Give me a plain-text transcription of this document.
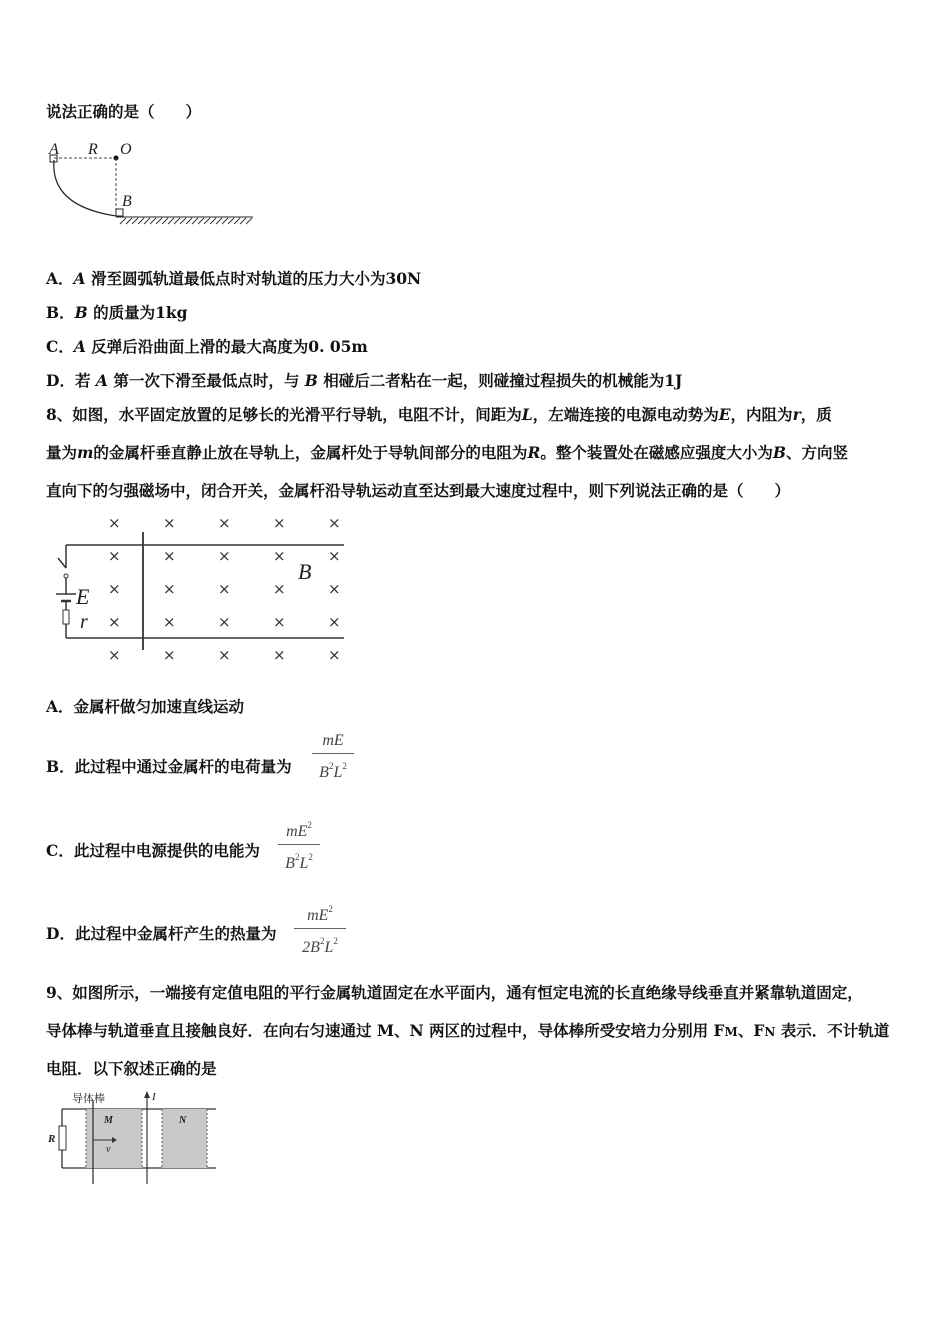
说法正确的是（　　）
A R O
B
A．A 滑至圆弧轨道最低点时对轨道的压力大小为30N
B．B 的质量为1kg
C．A 反弹后沿曲面上滑的最大高度为0. 05m
D．若 A 第一次下滑至最低点时，与 B 相碰后二者粘在一起，则碰撞过程损失的机械能为1J
8、如图，水平固定放置的足够长的光滑平行导轨，电阻不计，间距为L，左端连接的电源电动势为E，内阻为r，质
量为m的金属杆垂直静止放在导轨上，金属杆处于导轨间部分的电阻为R。整个装置处在磁感应强度大小为B、方向竖
直向下的匀强磁场中，闭合开关，金属杆沿导轨运动直至达到最大速度过程中，则下列说法正确的是（　　）
×	×	×	×	×
×	×	×	×	×
×	×	×	×	×
×	×	×	×	×
×	×	×	×	×
E
r
B
A．金属杆做匀加速直线运动
B．此过程中通过金属杆的电荷量为
mE
$B^2L^2$
C．此过程中电源提供的电能为
$mE^2$
$B^2L^2$
D．此过程中金属杆产生的热量为
$mE^2$
$2B^2L^2$
9、如图所示，一端接有定值电阻的平行金属轨道固定在水平面内，通有恒定电流的长直绝缘导线垂直并紧靠轨道固定，
导体棒与轨道垂直且接触良好．在向右匀速通过 M、N 两区的过程中，导体棒所受安培力分别用 FM、FN 表示．不计轨道
电阻．以下叙述正确的是
导体棒
R
v
M
I
N
